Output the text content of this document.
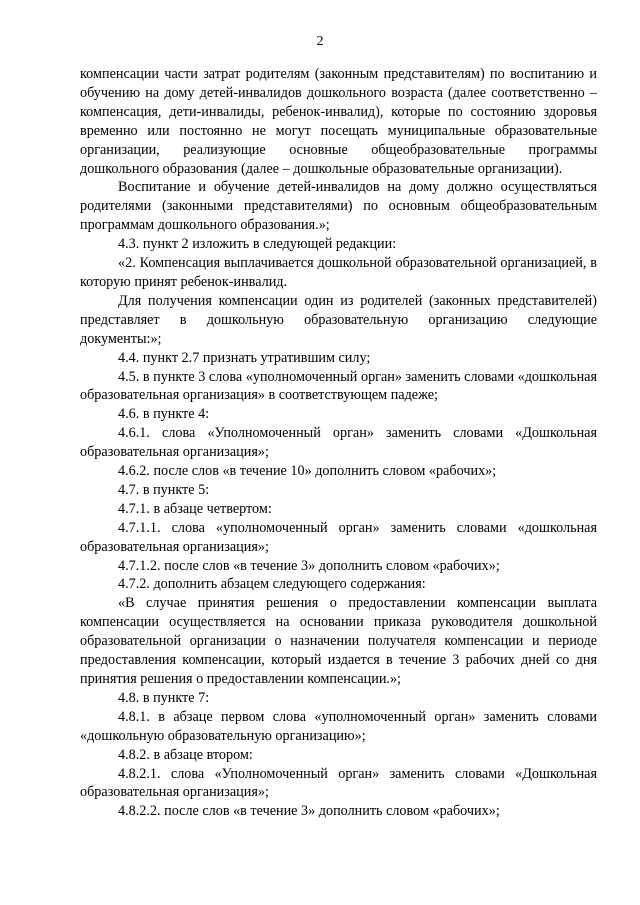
2

компенсации части затрат родителям (законным представителям) по воспитанию и обучению на дому детей-инвалидов дошкольного возраста (далее соответственно – компенсация, дети-инвалиды, ребенок-инвалид), которые по состоянию здоровья временно или постоянно не могут посещать муниципальные образовательные организации, реализующие основные общеобразовательные программы дошкольного образования (далее – дошкольные образовательные организации).

Воспитание и обучение детей-инвалидов на дому должно осуществляться родителями (законными представителями) по основным общеобразовательным программам дошкольного образования.»;

4.3. пункт 2 изложить в следующей редакции:

«2. Компенсация выплачивается дошкольной образовательной организацией, в которую принят ребенок-инвалид.

Для получения компенсации один из родителей (законных представителей) представляет в дошкольную образовательную организацию следующие документы:»;

4.4. пункт 2.7 признать утратившим силу;

4.5. в пункте 3 слова «уполномоченный орган» заменить словами «дошкольная образовательная организация» в соответствующем падеже;

4.6. в пункте 4:

4.6.1. слова «Уполномоченный орган» заменить словами «Дошкольная образовательная организация»;

4.6.2. после слов «в течение 10» дополнить словом «рабочих»;

4.7. в пункте 5:

4.7.1. в абзаце четвертом:

4.7.1.1. слова «уполномоченный орган» заменить словами «дошкольная образовательная организация»;

4.7.1.2. после слов «в течение 3» дополнить словом «рабочих»;

4.7.2. дополнить абзацем следующего содержания:

«В случае принятия решения о предоставлении компенсации выплата компенсации осуществляется на основании приказа руководителя дошкольной образовательной организации о назначении получателя компенсации и периоде предоставления компенсации, который издается в течение 3 рабочих дней со дня принятия решения о предоставлении компенсации.»;

4.8. в пункте 7:

4.8.1. в абзаце первом слова «уполномоченный орган» заменить словами «дошкольную образовательную организацию»;

4.8.2. в абзаце втором:

4.8.2.1. слова «Уполномоченный орган» заменить словами «Дошкольная образовательная организация»;

4.8.2.2. после слов «в течение 3» дополнить словом «рабочих»;
